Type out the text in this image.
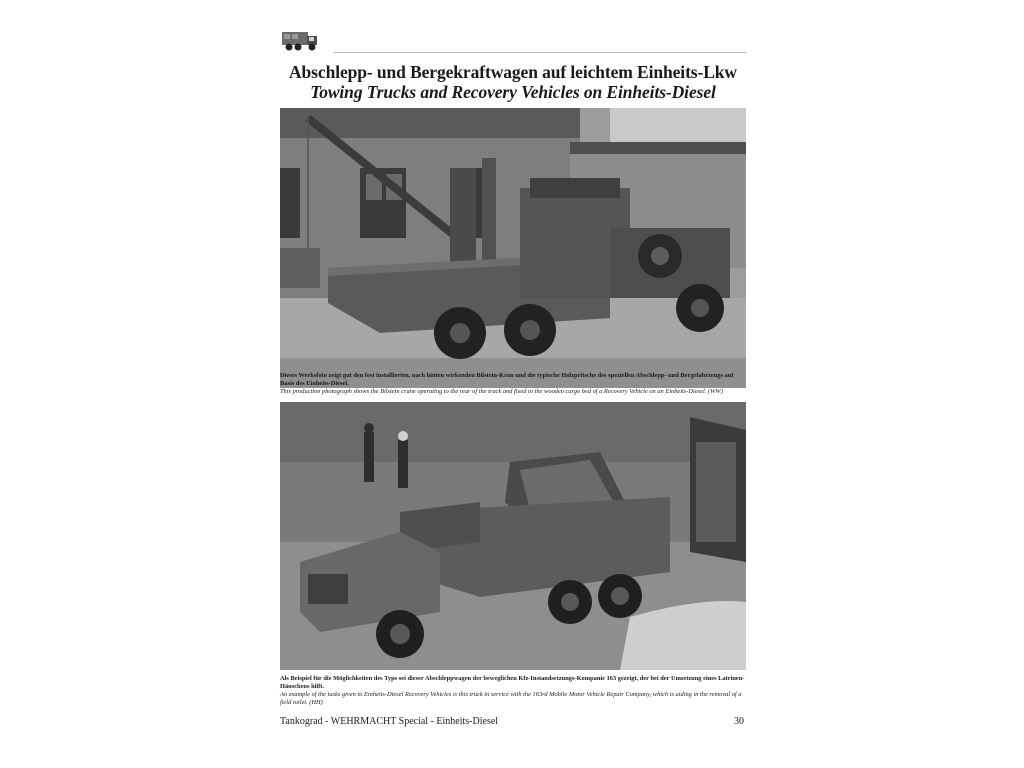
Abschlepp- und Bergekraftwagen auf leichtem Einheits-Lkw
Towing Trucks and Recovery Vehicles on Einheits-Diesel
Dieses Werksfoto zeigt gut den fest installierten, nach hinten wirkenden Bilstein-Kran und die typische Holzpritsche des speziellen Abschlepp- und Bergefahrzeugs auf Basis des Einheits-Diesel.
This production photograph shows the Bilstein crane operating to the rear of the truck and fixed to the wooden cargo bed of a Recovery Vehicle on an Einheits-Diesel. (WW)
Als Beispiel für die Möglichkeiten des Typs sei dieser Abschleppwagen der beweglichen Kfz-Instandsetzungs-Kompanie 163 gezeigt, der bei der Umsetzung eines Latrinen-Häuschens hilft.
An example of the tasks given to Einheits-Diesel Recovery Vehicles is this truck in service with the 163rd Mobile Motor Vehicle Repair Company, which is aiding in the removal of a field toilet. (HH)
Tankograd - WEHRMACHT Special - Einheits-Diesel	30
